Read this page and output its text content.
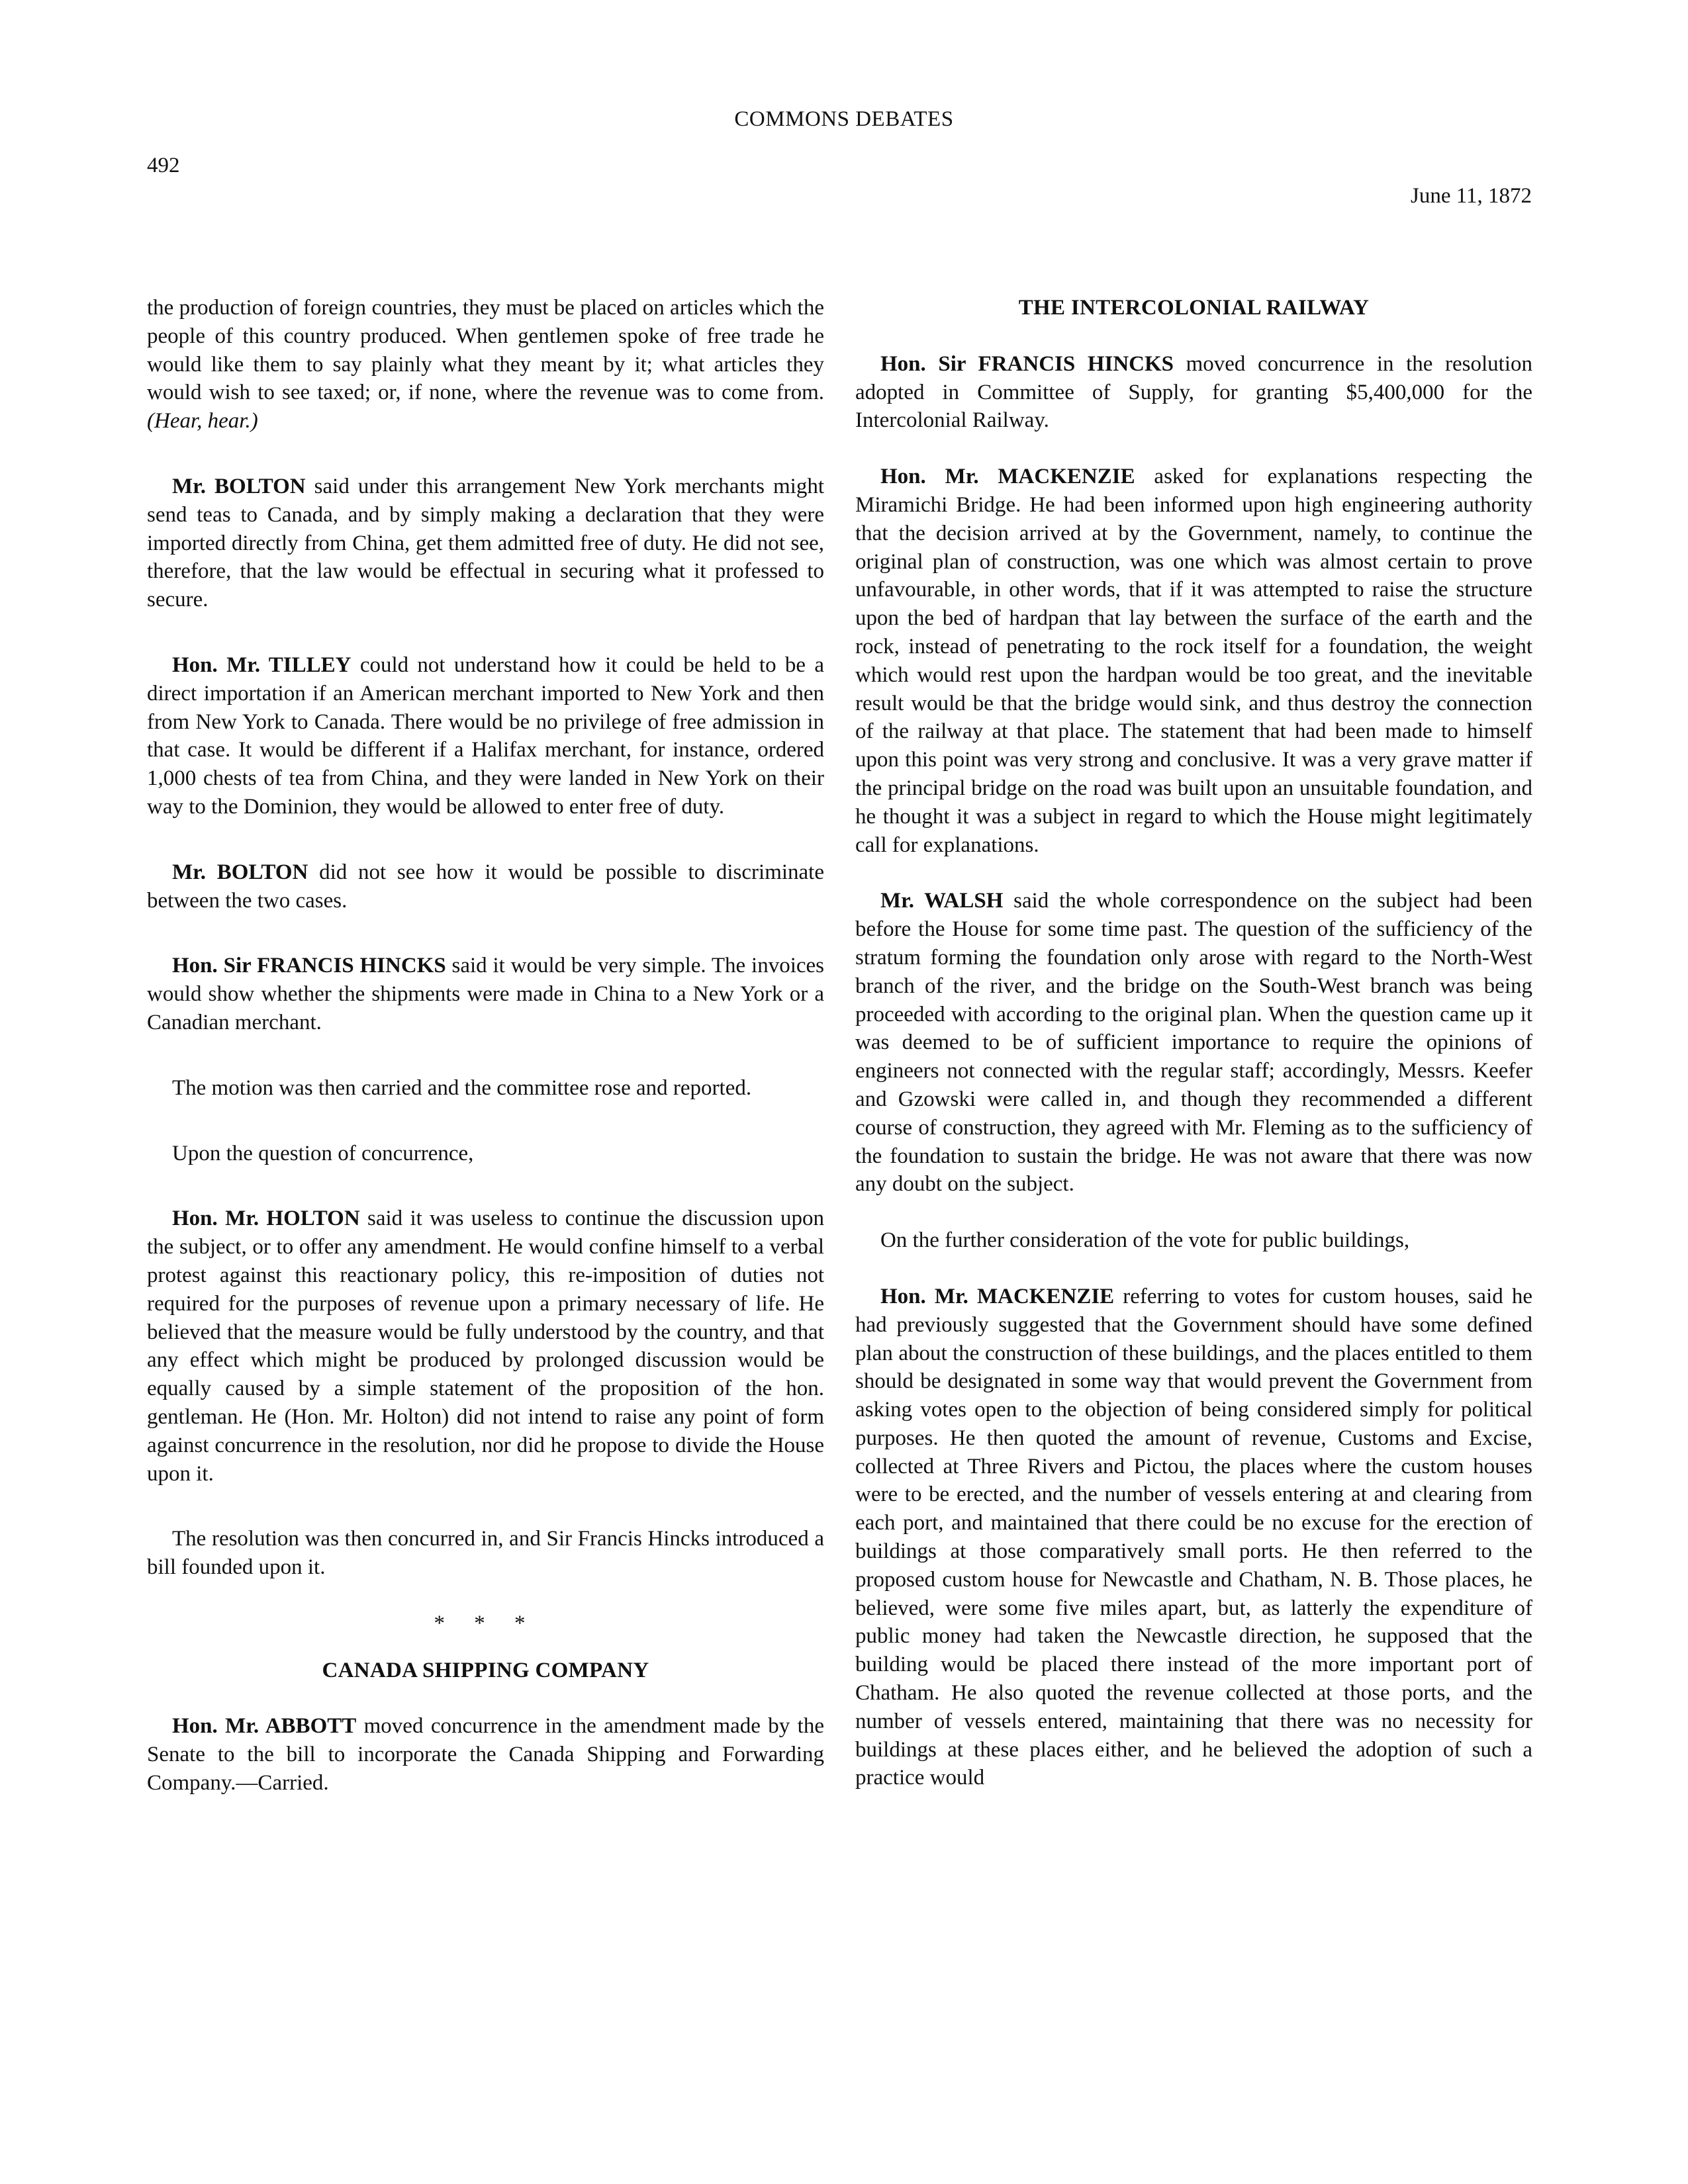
COMMONS DEBATES
492
June 11, 1872

the production of foreign countries, they must be placed on articles which the people of this country produced. When gentlemen spoke of free trade he would like them to say plainly what they meant by it; what articles they would wish to see taxed; or, if none, where the revenue was to come from. (Hear, hear.)

Mr. BOLTON said under this arrangement New York merchants might send teas to Canada, and by simply making a declaration that they were imported directly from China, get them admitted free of duty. He did not see, therefore, that the law would be effectual in securing what it professed to secure.

Hon. Mr. TILLEY could not understand how it could be held to be a direct importation if an American merchant imported to New York and then from New York to Canada. There would be no privilege of free admission in that case. It would be different if a Halifax merchant, for instance, ordered 1,000 chests of tea from China, and they were landed in New York on their way to the Dominion, they would be allowed to enter free of duty.

Mr. BOLTON did not see how it would be possible to discriminate between the two cases.

Hon. Sir FRANCIS HINCKS said it would be very simple. The invoices would show whether the shipments were made in China to a New York or a Canadian merchant.

The motion was then carried and the committee rose and reported.

Upon the question of concurrence,

Hon. Mr. HOLTON said it was useless to continue the discussion upon the subject, or to offer any amendment. He would confine himself to a verbal protest against this reactionary policy, this re-imposition of duties not required for the purposes of revenue upon a primary necessary of life. He believed that the measure would be fully understood by the country, and that any effect which might be produced by prolonged discussion would be equally caused by a simple statement of the proposition of the hon. gentleman. He (Hon. Mr. Holton) did not intend to raise any point of form against concurrence in the resolution, nor did he propose to divide the House upon it.

The resolution was then concurred in, and Sir Francis Hincks introduced a bill founded upon it.

* * *
CANADA SHIPPING COMPANY

Hon. Mr. ABBOTT moved concurrence in the amendment made by the Senate to the bill to incorporate the Canada Shipping and Forwarding Company.—Carried.

THE INTERCOLONIAL RAILWAY

Hon. Sir FRANCIS HINCKS moved concurrence in the resolution adopted in Committee of Supply, for granting $5,400,000 for the Intercolonial Railway.

Hon. Mr. MACKENZIE asked for explanations respecting the Miramichi Bridge. He had been informed upon high engineering authority that the decision arrived at by the Government, namely, to continue the original plan of construction, was one which was almost certain to prove unfavourable, in other words, that if it was attempted to raise the structure upon the bed of hardpan that lay between the surface of the earth and the rock, instead of penetrating to the rock itself for a foundation, the weight which would rest upon the hardpan would be too great, and the inevitable result would be that the bridge would sink, and thus destroy the connection of the railway at that place. The statement that had been made to himself upon this point was very strong and conclusive. It was a very grave matter if the principal bridge on the road was built upon an unsuitable foundation, and he thought it was a subject in regard to which the House might legitimately call for explanations.

Mr. WALSH said the whole correspondence on the subject had been before the House for some time past. The question of the sufficiency of the stratum forming the foundation only arose with regard to the North-West branch of the river, and the bridge on the South-West branch was being proceeded with according to the original plan. When the question came up it was deemed to be of sufficient importance to require the opinions of engineers not connected with the regular staff; accordingly, Messrs. Keefer and Gzowski were called in, and though they recommended a different course of construction, they agreed with Mr. Fleming as to the sufficiency of the foundation to sustain the bridge. He was not aware that there was now any doubt on the subject.

On the further consideration of the vote for public buildings,

Hon. Mr. MACKENZIE referring to votes for custom houses, said he had previously suggested that the Government should have some defined plan about the construction of these buildings, and the places entitled to them should be designated in some way that would prevent the Government from asking votes open to the objection of being considered simply for political purposes. He then quoted the amount of revenue, Customs and Excise, collected at Three Rivers and Pictou, the places where the custom houses were to be erected, and the number of vessels entering at and clearing from each port, and maintained that there could be no excuse for the erection of buildings at those comparatively small ports. He then referred to the proposed custom house for Newcastle and Chatham, N. B. Those places, he believed, were some five miles apart, but, as latterly the expenditure of public money had taken the Newcastle direction, he supposed that the building would be placed there instead of the more important port of Chatham. He also quoted the revenue collected at those ports, and the number of vessels entered, maintaining that there was no necessity for buildings at these places either, and he believed the adoption of such a practice would
